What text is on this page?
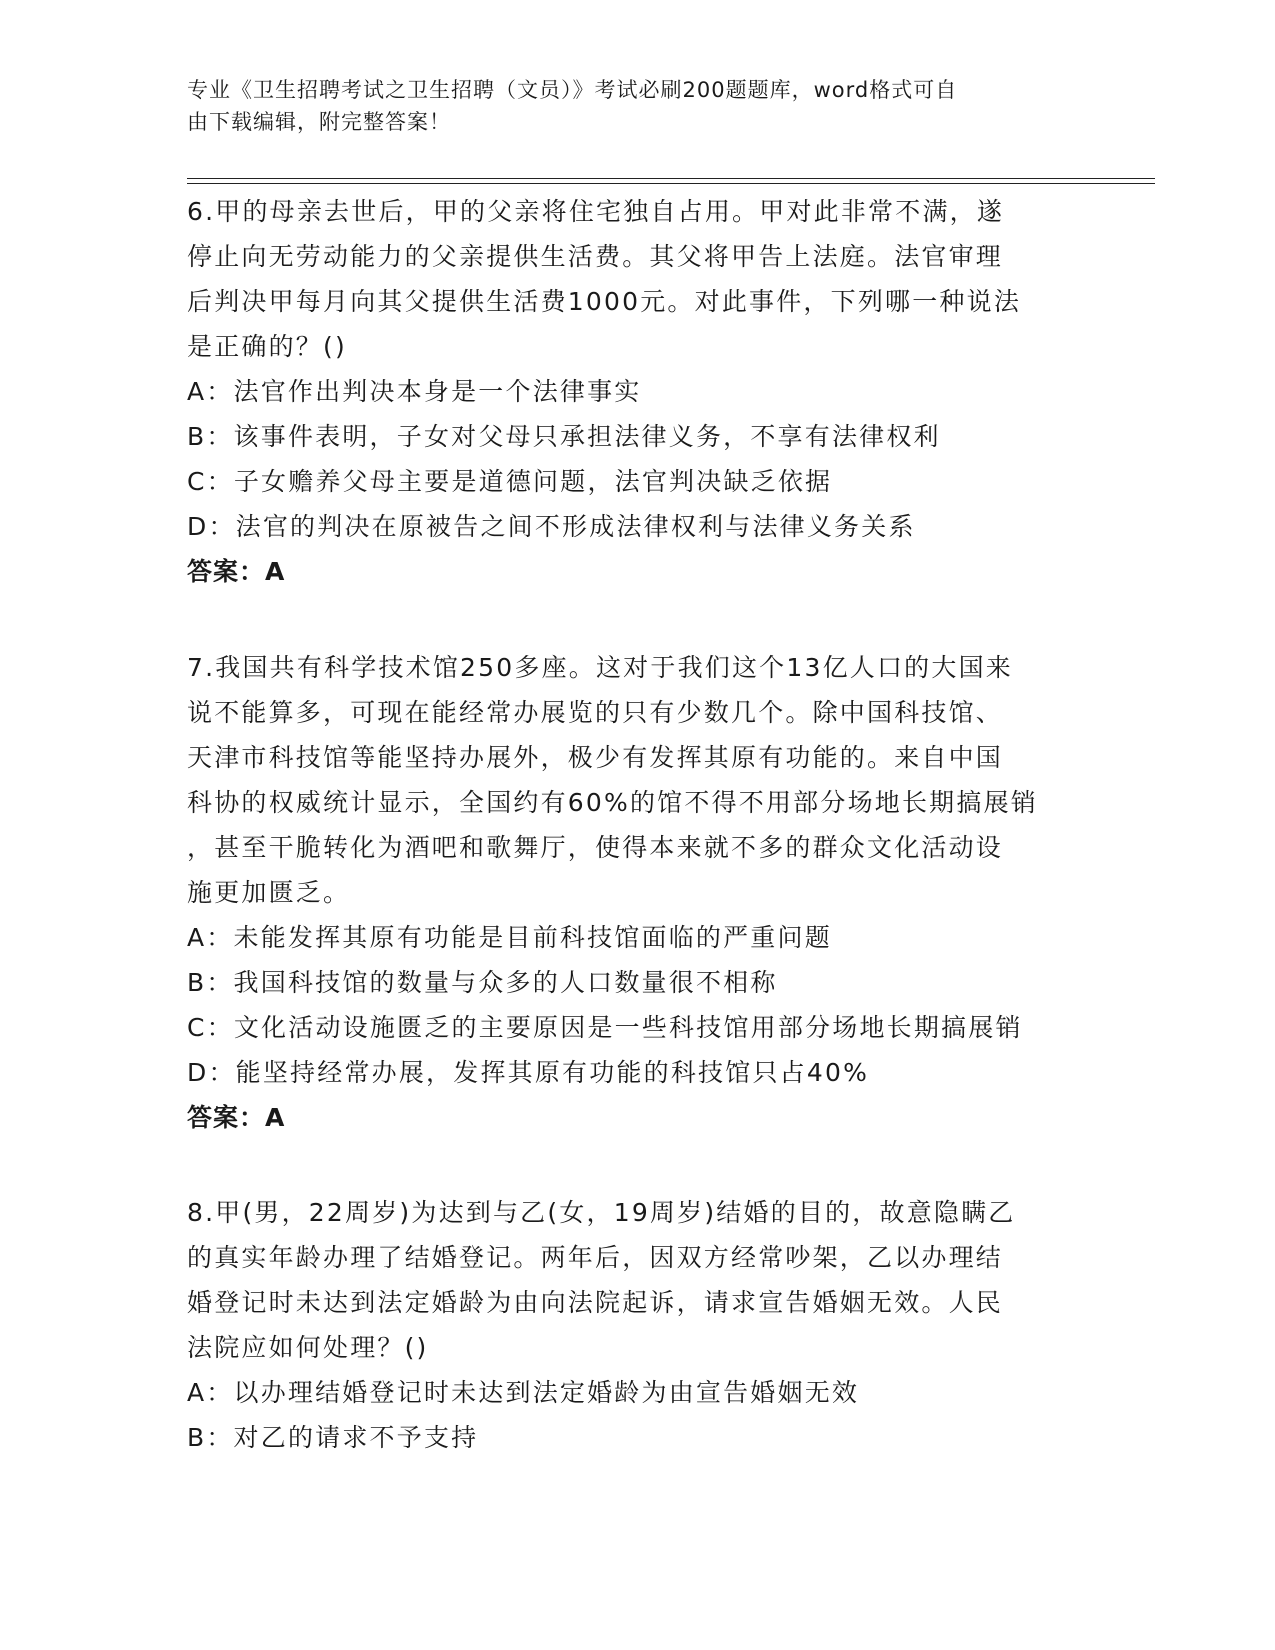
专业《卫生招聘考试之卫生招聘（文员）》考试必刷200题题库，word格式可自
由下载编辑，附完整答案！
6.甲的母亲去世后，甲的父亲将住宅独自占用。甲对此非常不满，遂
停止向无劳动能力的父亲提供生活费。其父将甲告上法庭。法官审理
后判决甲每月向其父提供生活费1000元。对此事件，下列哪一种说法
是正确的？()
A：法官作出判决本身是一个法律事实
B：该事件表明，子女对父母只承担法律义务，不享有法律权利
C：子女赡养父母主要是道德问题，法官判决缺乏依据
D：法官的判决在原被告之间不形成法律权利与法律义务关系
答案：A
7.我国共有科学技术馆250多座。这对于我们这个13亿人口的大国来
说不能算多，可现在能经常办展览的只有少数几个。除中国科技馆、
天津市科技馆等能坚持办展外，极少有发挥其原有功能的。来自中国
科协的权威统计显示，全国约有60%的馆不得不用部分场地长期搞展销
，甚至干脆转化为酒吧和歌舞厅，使得本来就不多的群众文化活动设
施更加匮乏。
A：未能发挥其原有功能是目前科技馆面临的严重问题
B：我国科技馆的数量与众多的人口数量很不相称
C：文化活动设施匮乏的主要原因是一些科技馆用部分场地长期搞展销
D：能坚持经常办展，发挥其原有功能的科技馆只占40%
答案：A
8.甲(男，22周岁)为达到与乙(女，19周岁)结婚的目的，故意隐瞒乙
的真实年龄办理了结婚登记。两年后，因双方经常吵架，乙以办理结
婚登记时未达到法定婚龄为由向法院起诉，请求宣告婚姻无效。人民
法院应如何处理？()
A：以办理结婚登记时未达到法定婚龄为由宣告婚姻无效
B：对乙的请求不予支持
